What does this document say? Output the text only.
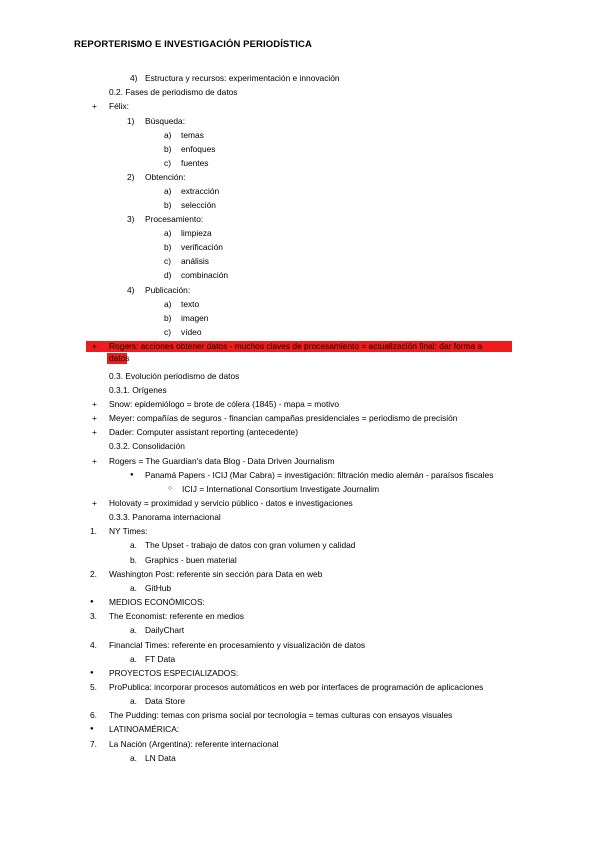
REPORTERISMO E INVESTIGACIÓN PERIODÍSTICA
4) Estructura y recursos: experimentación e innovación
0.2. Fases de periodismo de datos
+ Félix:
1) Búsqueda:
a) temas
b) enfoques
c) fuentes
2) Obtención:
a) extracción
b) selección
3) Procesamiento:
a) limpieza
b) verificación
c) análisis
d) combinación
4) Publicación:
a) texto
b) imagen
c) vídeo
+ Rogers: acciones obtener datos - muchos claves de procesamiento = actualización final: dar forma a
datos
0.3. Evolución periodismo de datos
0.3.1. Orígenes
+ Snow: epidemiólogo = brote de cólera (1845) - mapa = motivo
+ Meyer: compañías de seguros - financian campañas presidenciales = periodismo de precisión
+ Dader: Computer assistant reporting (antecedente)
0.3.2. Consolidación
+ Rogers = The Guardian's data Blog - Data Driven Journalism
● Panamá Papers - ICIJ (Mar Cabra) = investigación: filtración medio alemán - paraísos fiscales
○ ICIJ = International Consortium Investigate Journalim
+ Holovaty = proximidad y servicio público - datos e investigaciones
0.3.3. Panorama internacional
1. NY Times:
a. The Upset - trabajo de datos con gran volumen y calidad
b. Graphics - buen material
2. Washington Post: referente sin sección para Data en web
a. GitHub
● MEDIOS ECONÓMICOS:
3. The Economist: referente en medios
a. DailyChart
4. Financial Times: referente en procesamiento y visualización de datos
a. FT Data
● PROYECTOS ESPECIALIZADOS:
5. ProPublica: incorporar procesos automáticos en web por interfaces de programación de aplicaciones
a. Data Store
6. The Pudding: temas con prisma social por tecnología = temas culturas con ensayos visuales
● LATINOAMÉRICA:
7. La Nación (Argentina): referente internacional
a. LN Data
